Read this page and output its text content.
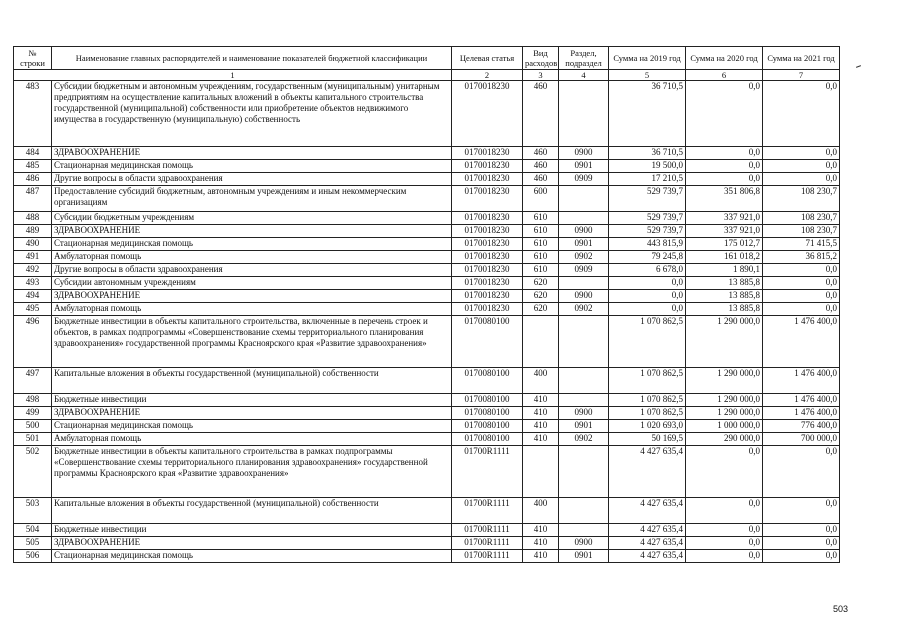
№ строки	Наименование главных распорядителей и наименование показателей бюджетной классификации	Целевая статья	Вид расходов	Раздел, подраздел	Сумма на 2019 год	Сумма на 2020 год	Сумма на 2021 год
1		2	3	4	5	6	7
483	Субсидии бюджетным и автономным учреждениям, государственным (муниципальным) унитарным предприятиям на осуществление капитальных вложений в объекты капитального строительства государственной (муниципальной) собственности или приобретение объектов недвижимого имущества в государственную (муниципальную) собственность	0170018230	460		36 710,5	0,0	0,0
484	ЗДРАВООХРАНЕНИЕ	0170018230	460	0900	36 710,5	0,0	0,0
485	Стационарная медицинская помощь	0170018230	460	0901	19 500,0	0,0	0,0
486	Другие вопросы в области здравоохранения	0170018230	460	0909	17 210,5	0,0	0,0
487	Предоставление субсидий бюджетным, автономным учреждениям и иным некоммерческим организациям	0170018230	600		529 739,7	351 806,8	108 230,7
488	Субсидии бюджетным учреждениям	0170018230	610		529 739,7	337 921,0	108 230,7
489	ЗДРАВООХРАНЕНИЕ	0170018230	610	0900	529 739,7	337 921,0	108 230,7
490	Стационарная медицинская помощь	0170018230	610	0901	443 815,9	175 012,7	71 415,5
491	Амбулаторная помощь	0170018230	610	0902	79 245,8	161 018,2	36 815,2
492	Другие вопросы в области здравоохранения	0170018230	610	0909	6 678,0	1 890,1	0,0
493	Субсидии автономным учреждениям	0170018230	620		0,0	13 885,8	0,0
494	ЗДРАВООХРАНЕНИЕ	0170018230	620	0900	0,0	13 885,8	0,0
495	Амбулаторная помощь	0170018230	620	0902	0,0	13 885,8	0,0
496	Бюджетные инвестиции в объекты капитального строительства, включенные в перечень строек и объектов, в рамках подпрограммы «Совершенствование схемы территориального планирования здравоохранения» государственной программы Красноярского края «Развитие здравоохранения»	0170080100			1 070 862,5	1 290 000,0	1 476 400,0
497	Капитальные вложения в объекты государственной (муниципальной) собственности	0170080100	400		1 070 862,5	1 290 000,0	1 476 400,0
498	Бюджетные инвестиции	0170080100	410		1 070 862,5	1 290 000,0	1 476 400,0
499	ЗДРАВООХРАНЕНИЕ	0170080100	410	0900	1 070 862,5	1 290 000,0	1 476 400,0
500	Стационарная медицинская помощь	0170080100	410	0901	1 020 693,0	1 000 000,0	776 400,0
501	Амбулаторная помощь	0170080100	410	0902	50 169,5	290 000,0	700 000,0
502	Бюджетные инвестиции в объекты капитального строительства в рамках подпрограммы «Совершенствование схемы территориального планирования здравоохранения» государственной программы Красноярского края «Развитие здравоохранения»	01700R1111			4 427 635,4	0,0	0,0
503	Капитальные вложения в объекты государственной (муниципальной) собственности	01700R1111	400		4 427 635,4	0,0	0,0
504	Бюджетные инвестиции	01700R1111	410		4 427 635,4	0,0	0,0
505	ЗДРАВООХРАНЕНИЕ	01700R1111	410	0900	4 427 635,4	0,0	0,0
506	Стационарная медицинская помощь	01700R1111	410	0901	4 427 635,4	0,0	0,0
503
